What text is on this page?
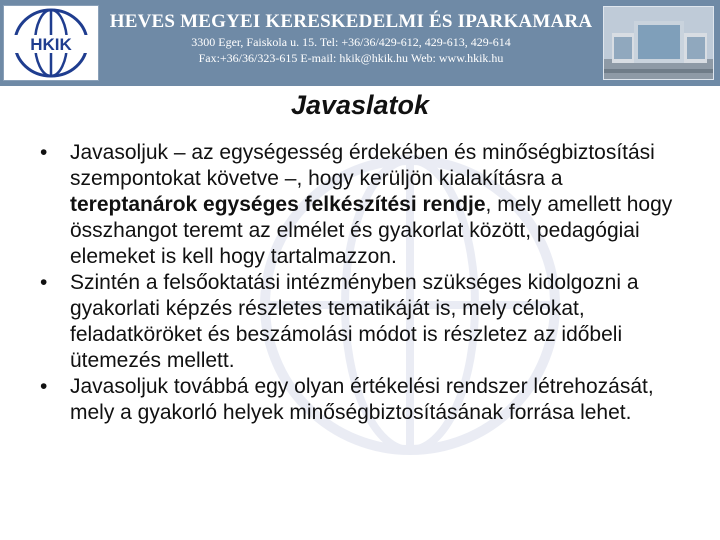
HKIK
HEVES MEGYEI KERESKEDELMI ÉS IPARKAMARA
3300 Eger, Faiskola u. 15. Tel: +36/36/429-612, 429-613, 429-614
Fax:+36/36/323-615 E-mail: hkik@hkik.hu Web: www.hkik.hu
Javaslatok
•	Javasoljuk – az egységesség érdekében és minőségbiztosítási szempontokat követve –, hogy kerüljön kialakításra a tereptanárok egységes felkészítési rendje, mely amellett hogy összhangot teremt az elmélet és gyakorlat között, pedagógiai elemeket is kell hogy tartalmazzon.
•	Szintén a felsőoktatási intézményben szükséges kidolgozni a gyakorlati képzés részletes tematikáját is, mely célokat, feladatköröket és beszámolási módot is részletez az időbeli ütemezés mellett.
•	Javasoljuk továbbá egy olyan értékelési rendszer létrehozását, mely a gyakorló helyek minőségbiztosításának forrása lehet.
